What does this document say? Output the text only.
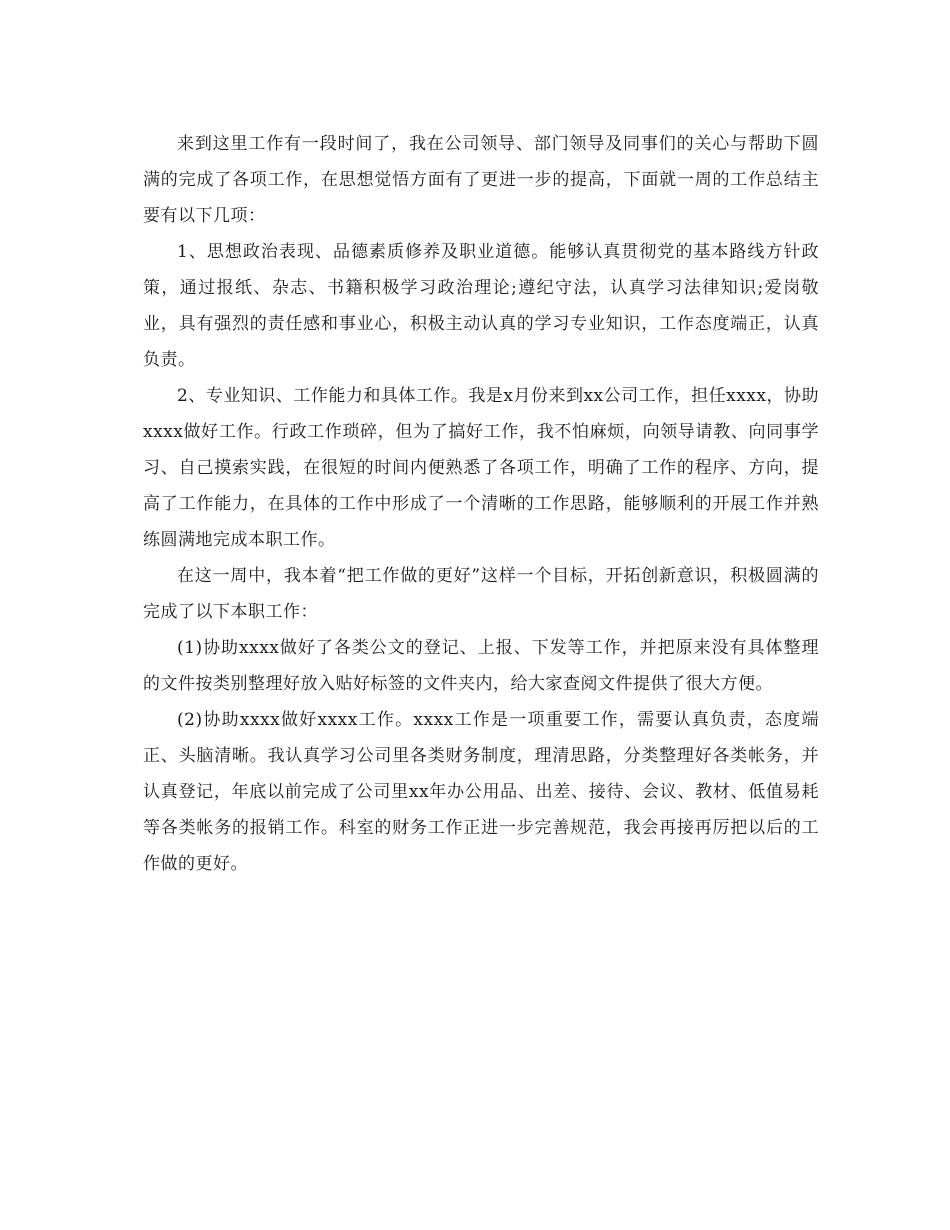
来到这里工作有一段时间了，我在公司领导、部门领导及同事们的关心与帮助下圆满的完成了各项工作，在思想觉悟方面有了更进一步的提高，下面就一周的工作总结主要有以下几项：

1、思想政治表现、品德素质修养及职业道德。能够认真贯彻党的基本路线方针政策，通过报纸、杂志、书籍积极学习政治理论;遵纪守法，认真学习法律知识;爱岗敬业，具有强烈的责任感和事业心，积极主动认真的学习专业知识，工作态度端正，认真负责。

2、专业知识、工作能力和具体工作。我是x月份来到xx公司工作，担任xxxx，协助xxxx做好工作。行政工作琐碎，但为了搞好工作，我不怕麻烦，向领导请教、向同事学习、自己摸索实践，在很短的时间内便熟悉了各项工作，明确了工作的程序、方向，提高了工作能力，在具体的工作中形成了一个清晰的工作思路，能够顺利的开展工作并熟练圆满地完成本职工作。

在这一周中，我本着“把工作做的更好”这样一个目标，开拓创新意识，积极圆满的完成了以下本职工作：

(1)协助xxxx做好了各类公文的登记、上报、下发等工作，并把原来没有具体整理的文件按类别整理好放入贴好标签的文件夹内，给大家查阅文件提供了很大方便。

(2)协助xxxx做好xxxx工作。xxxx工作是一项重要工作，需要认真负责，态度端正、头脑清晰。我认真学习公司里各类财务制度，理清思路，分类整理好各类帐务，并认真登记，年底以前完成了公司里xx年办公用品、出差、接待、会议、教材、低值易耗等各类帐务的报销工作。科室的财务工作正进一步完善规范，我会再接再厉把以后的工作做的更好。
